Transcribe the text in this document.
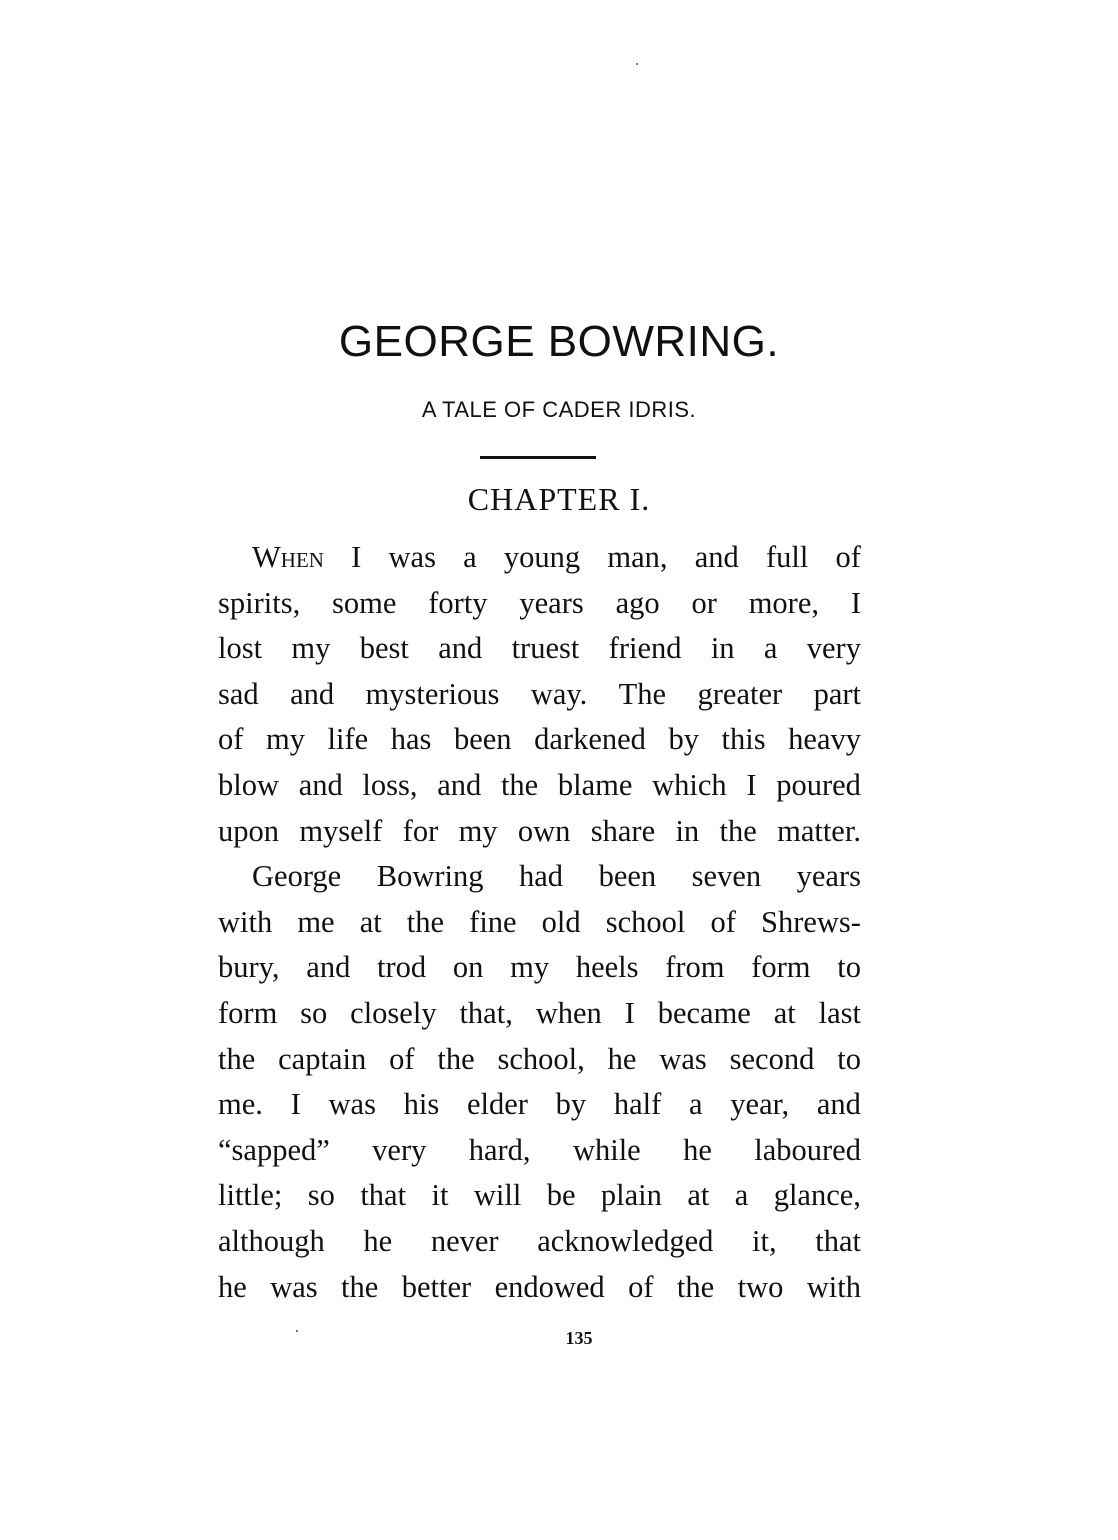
GEORGE BOWRING.
A TALE OF CADER IDRIS.
CHAPTER I.
When I was a young man, and full of
spirits, some forty years ago or more, I
lost my best and truest friend in a very
sad and mysterious way. The greater part
of my life has been darkened by this heavy
blow and loss, and the blame which I poured
upon myself for my own share in the matter.
George Bowring had been seven years
with me at the fine old school of Shrews-
bury, and trod on my heels from form to
form so closely that, when I became at last
the captain of the school, he was second to
me. I was his elder by half a year, and
“sapped” very hard, while he laboured
little; so that it will be plain at a glance,
although he never acknowledged it, that
he was the better endowed of the two with
135
